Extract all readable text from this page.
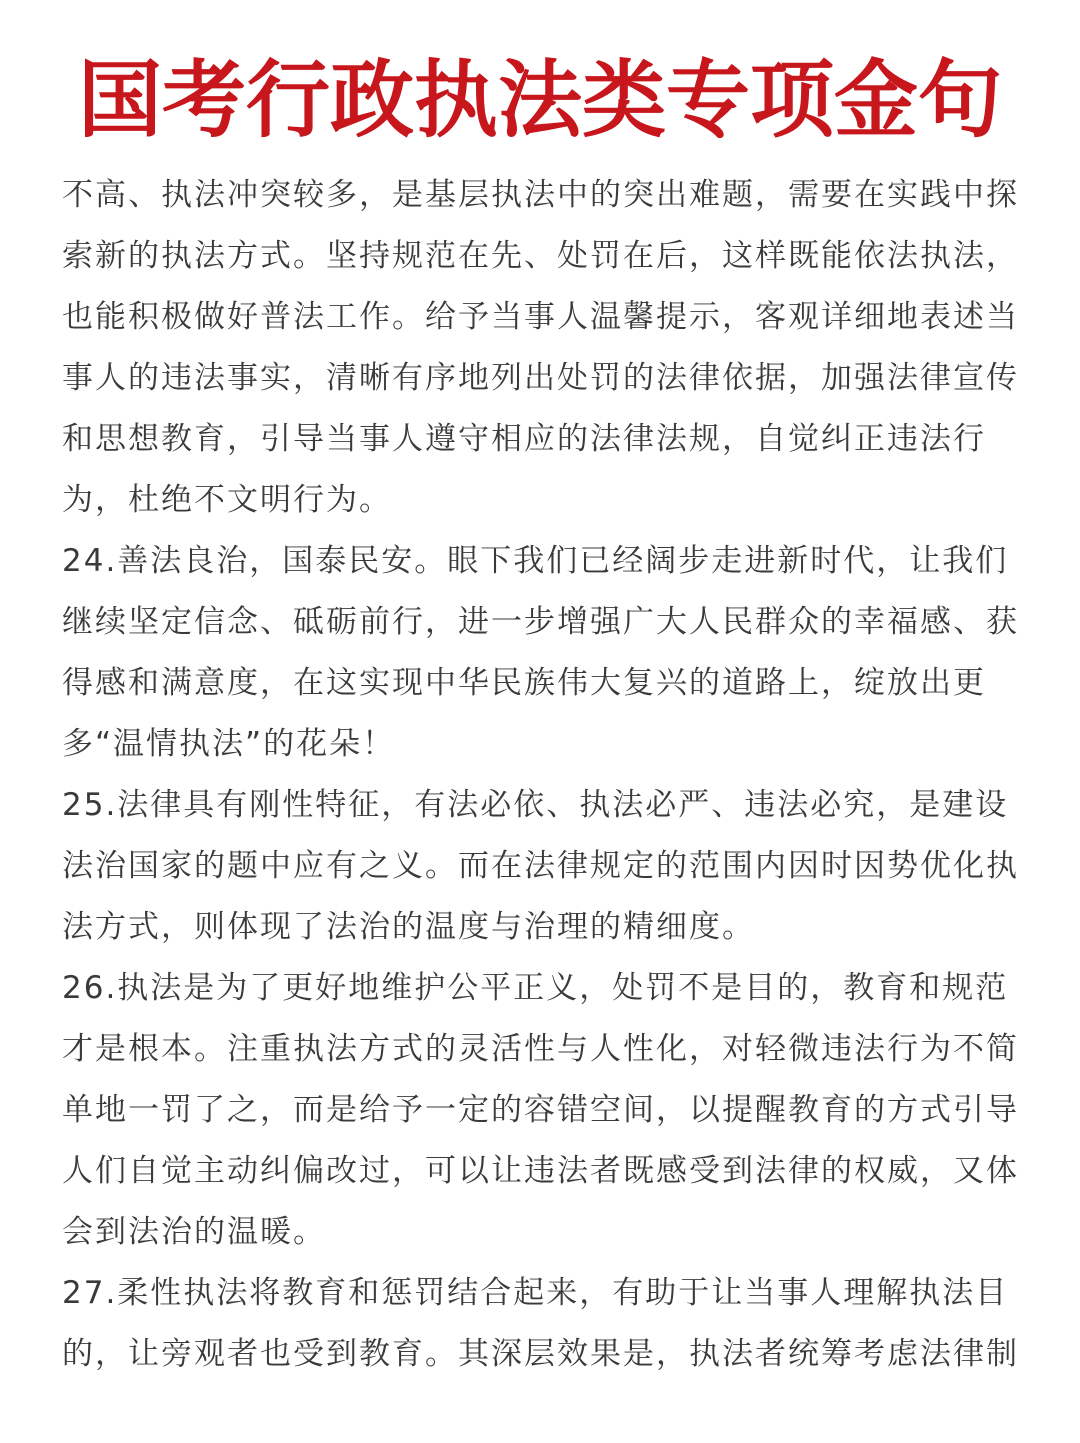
国考行政执法类专项金句

不高、执法冲突较多，是基层执法中的突出难题，需要在实践中探索新的执法方式。坚持规范在先、处罚在后，这样既能依法执法，也能积极做好普法工作。给予当事人温馨提示，客观详细地表述当事人的违法事实，清晰有序地列出处罚的法律依据，加强法律宣传和思想教育，引导当事人遵守相应的法律法规，自觉纠正违法行为，杜绝不文明行为。

24.善法良治，国泰民安。眼下我们已经阔步走进新时代，让我们继续坚定信念、砥砺前行，进一步增强广大人民群众的幸福感、获得感和满意度，在这实现中华民族伟大复兴的道路上，绽放出更多“温情执法”的花朵！

25.法律具有刚性特征，有法必依、执法必严、违法必究，是建设法治国家的题中应有之义。而在法律规定的范围内因时因势优化执法方式，则体现了法治的温度与治理的精细度。

26.执法是为了更好地维护公平正义，处罚不是目的，教育和规范才是根本。注重执法方式的灵活性与人性化，对轻微违法行为不简单地一罚了之，而是给予一定的容错空间，以提醒教育的方式引导人们自觉主动纠偏改过，可以让违法者既感受到法律的权威，又体会到法治的温暖。

27.柔性执法将教育和惩罚结合起来，有助于让当事人理解执法目的，让旁观者也受到教育。其深层效果是，执法者统筹考虑法律制
